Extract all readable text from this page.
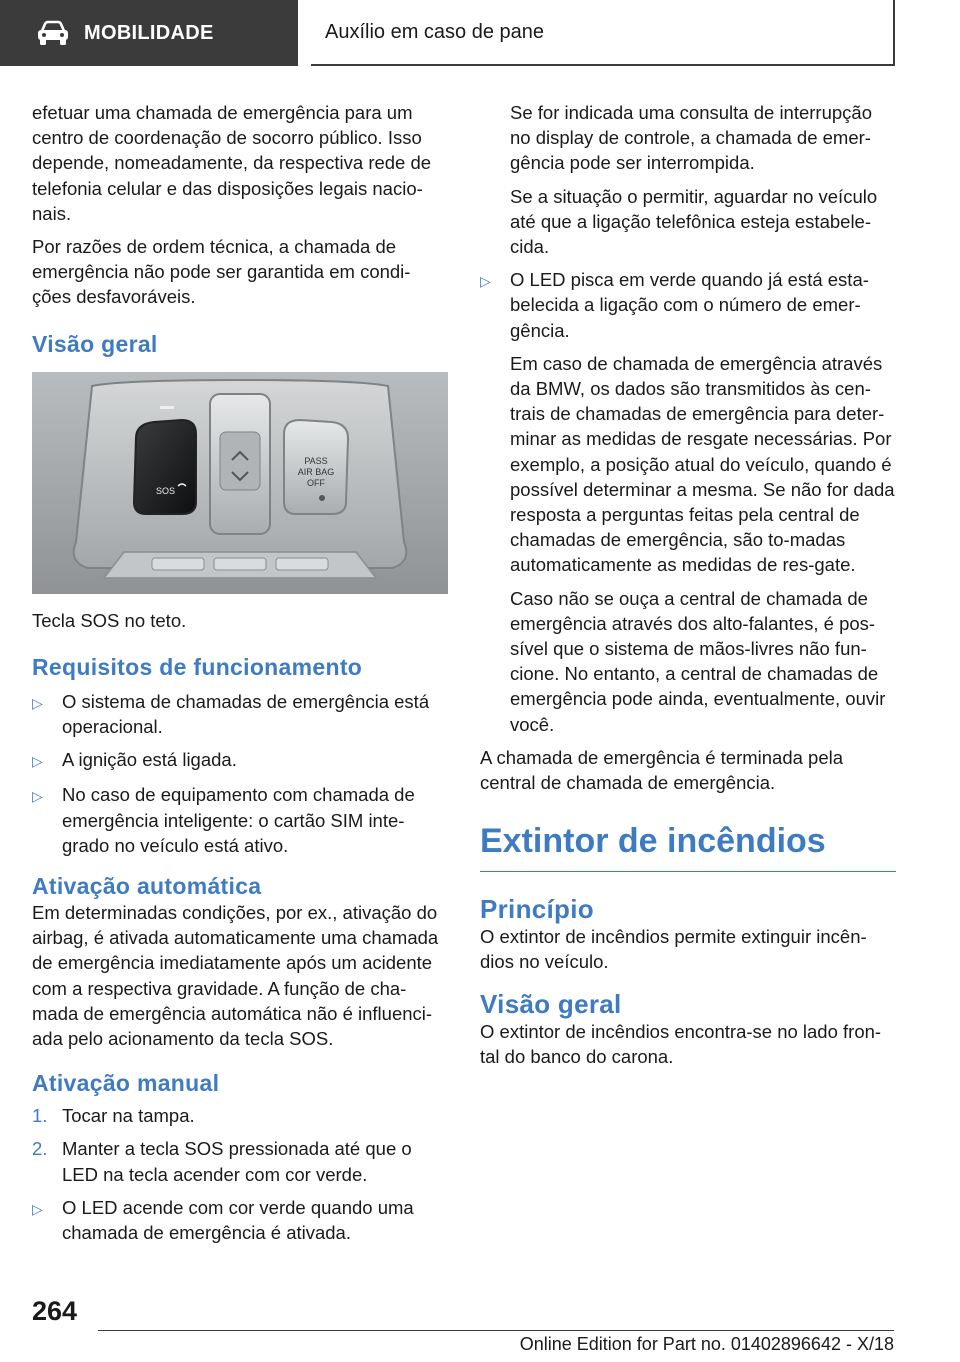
MOBILIDADE	Auxílio em caso de pane

efetuar uma chamada de emergência para um centro de coordenação de socorro público. Isso depende, nomeadamente, da respectiva rede de telefonia celular e das disposições legais nacio-nais.

Por razões de ordem técnica, a chamada de emergência não pode ser garantida em condi-ções desfavoráveis.

Visão geral
SOS
PASS
AIR BAG
OFF

Tecla SOS no teto.

Requisitos de funcionamento
▷	O sistema de chamadas de emergência está operacional.
▷	A ignição está ligada.
▷	No caso de equipamento com chamada de emergência inteligente: o cartão SIM inte-grado no veículo está ativo.
Ativação automática

Em determinadas condições, por ex., ativação do airbag, é ativada automaticamente uma chamada de emergência imediatamente após um acidente com a respectiva gravidade. A função de cha-mada de emergência automática não é influenci-ada pelo acionamento da tecla SOS.

Ativação manual
1. Tocar na tampa.
2. Manter a tecla SOS pressionada até que o LED na tecla acender com cor verde.
▷	O LED acende com cor verde quando uma chamada de emergência é ativada.

Se for indicada uma consulta de interrupção no display de controle, a chamada de emer-gência pode ser interrompida.

Se a situação o permitir, aguardar no veículo até que a ligação telefônica esteja estabele-cida.

▷	O LED pisca em verde quando já está esta-belecida a ligação com o número de emer-gência.

Em caso de chamada de emergência através da BMW, os dados são transmitidos às cen-trais de chamadas de emergência para deter-minar as medidas de resgate necessárias. Por exemplo, a posição atual do veículo, quando é possível determinar a mesma. Se não for dada resposta a perguntas feitas pela central de chamadas de emergência, são to-madas automaticamente as medidas de res-gate.

Caso não se ouça a central de chamada de emergência através dos alto-falantes, é pos-sível que o sistema de mãos-livres não fun-cione. No entanto, a central de chamadas de emergência pode ainda, eventualmente, ouvir você.

A chamada de emergência é terminada pela central de chamada de emergência.

Extintor de incêndios
Princípio

O extintor de incêndios permite extinguir incên-dios no veículo.

Visão geral

O extintor de incêndios encontra-se no lado fron-tal do banco do carona.

264
Online Edition for Part no. 01402896642 - X/18
